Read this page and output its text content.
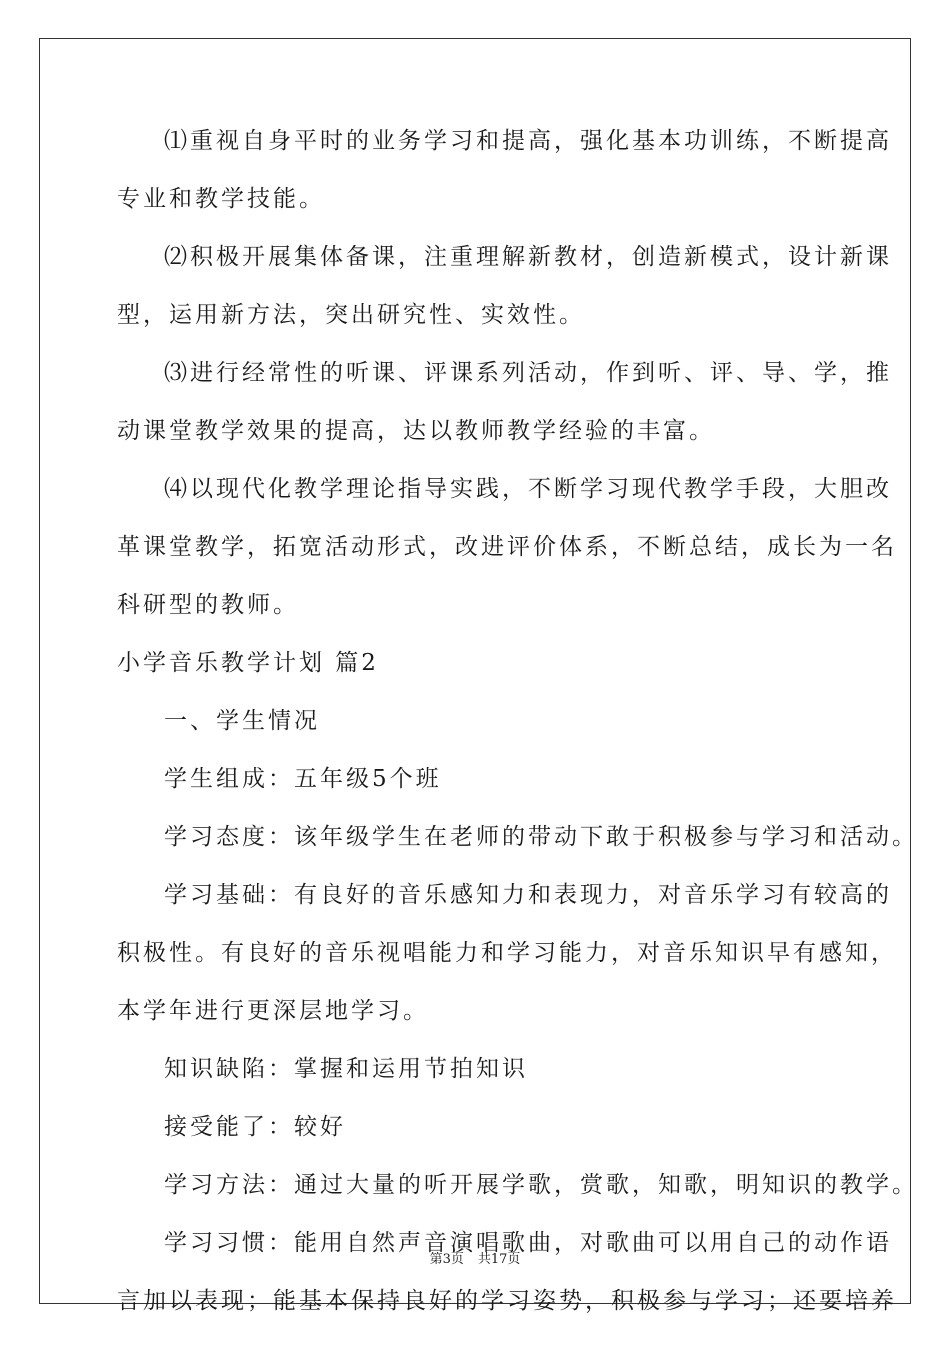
⑴重视自身平时的业务学习和提高，强化基本功训练，不断提高
专业和教学技能。
⑵积极开展集体备课，注重理解新教材，创造新模式，设计新课
型，运用新方法，突出研究性、实效性。
⑶进行经常性的听课、评课系列活动，作到听、评、导、学，推
动课堂教学效果的提高，达以教师教学经验的丰富。
⑷以现代化教学理论指导实践，不断学习现代教学手段，大胆改
革课堂教学，拓宽活动形式，改进评价体系，不断总结，成长为一名
科研型的教师。
小学音乐教学计划 篇2
一、学生情况
学生组成：五年级5个班
学习态度：该年级学生在老师的带动下敢于积极参与学习和活动。
学习基础：有良好的音乐感知力和表现力，对音乐学习有较高的
积极性。有良好的音乐视唱能力和学习能力，对音乐知识早有感知，
本学年进行更深层地学习。
知识缺陷：掌握和运用节拍知识
接受能了：较好
学习方法：通过大量的听开展学歌，赏歌，知歌，明知识的教学。
学习习惯：能用自然声音演唱歌曲，对歌曲可以用自己的动作语
言加以表现；能基本保持良好的学习姿势，积极参与学习；还要培养
第3页 共17页
